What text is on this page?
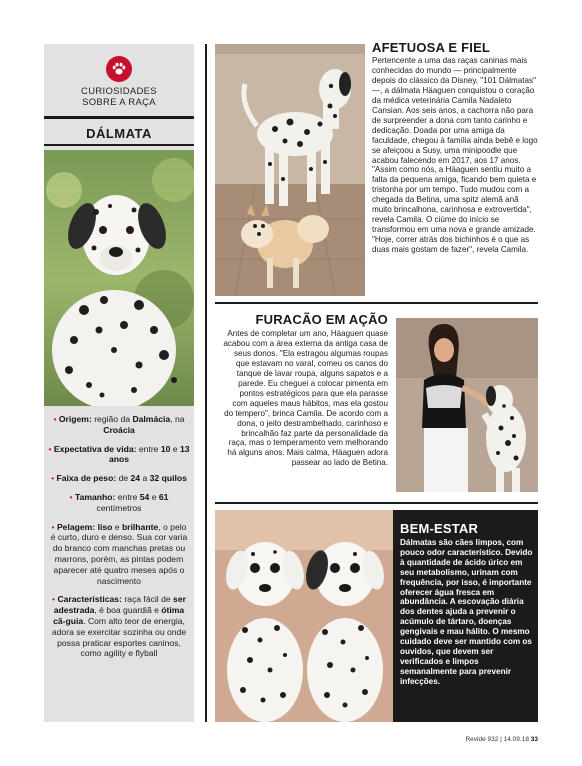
CURIOSIDADES
SOBRE A RAÇA
DÁLMATA
• Origem: região da Dalmácia, na Croácia
• Expectativa de vida: entre 10 e 13 anos
• Faixa de peso: de 24 a 32 quilos
• Tamanho: entre 54 e 61 centímetros
• Pelagem: liso e brilhante, o pelo é curto, duro e denso. Sua cor varia do branco com manchas pretas ou marrons, porém, as pintas podem aparecer até quatro meses após o nascimento
• Características: raça fácil de ser adestrada, é boa guardiã e ótima cã-guia. Com alto teor de energia, adora se exercitar sozinha ou onde possa praticar esportes caninos, como agility e flyball
AFETUOSA E FIEL
Pertencente a uma das raças caninas mais conhecidas do mundo — principalmente depois do clássico da Disney, "101 Dálmatas" —, a dálmata Häaguen conquistou o coração da médica veterinária Camila Nadaleto Cansian. Aos seis anos, a cachorra não para de surpreender a dona com tanto carinho e dedicação. Doada por uma amiga da faculdade, chegou à família ainda bebê e logo se afeiçoou a Susy, uma minipoodle que acabou falecendo em 2017, aos 17 anos. "Assim como nós, a Häaguen sentiu muito a falta da pequena amiga, ficando bem quieta e tristonha por um tempo. Tudo mudou com a chegada da Betina, uma spitz alemã anã muito brincalhona, carinhosa e extrovertida", revela Camila. O ciúme do início se transformou em uma nova e grande amizade. "Hoje, correr atrás dos bichinhos é o que as duas mais gostam de fazer", revela Camila.
FURACÃO EM AÇÃO
Antes de completar um ano, Häaguen quase acabou com a área externa da antiga casa de seus donos. "Ela estragou algumas roupas que estavam no varal, comeu os canos do tanque de lavar roupa, alguns sapatos e a parede. Eu cheguei a colocar pimenta em pontos estratégicos para que ela parasse com aqueles maus hábitos, mas ela gostou do tempero", brinca Camila. De acordo com a dona, o jeito destrambelhado, carinhoso e brincalhão faz parte da personalidade da raça, mas o temperamento vem melhorando há alguns anos. Mais calma, Häaguen adora passear ao lado de Betina.
BEM-ESTAR
Dálmatas são cães limpos, com pouco odor característico. Devido à quantidade de ácido úrico em seu metabolismo, urinam com frequência, por isso, é importante oferecer água fresca em abundância. A escovação diária dos dentes ajuda a prevenir o acúmulo de tártaro, doenças gengivais e mau hálito. O mesmo cuidado deve ser mantido com os ouvidos, que devem ser verificados e limpos semanalmente para prevenir infecções.
Revide 932 | 14.09.18 33
